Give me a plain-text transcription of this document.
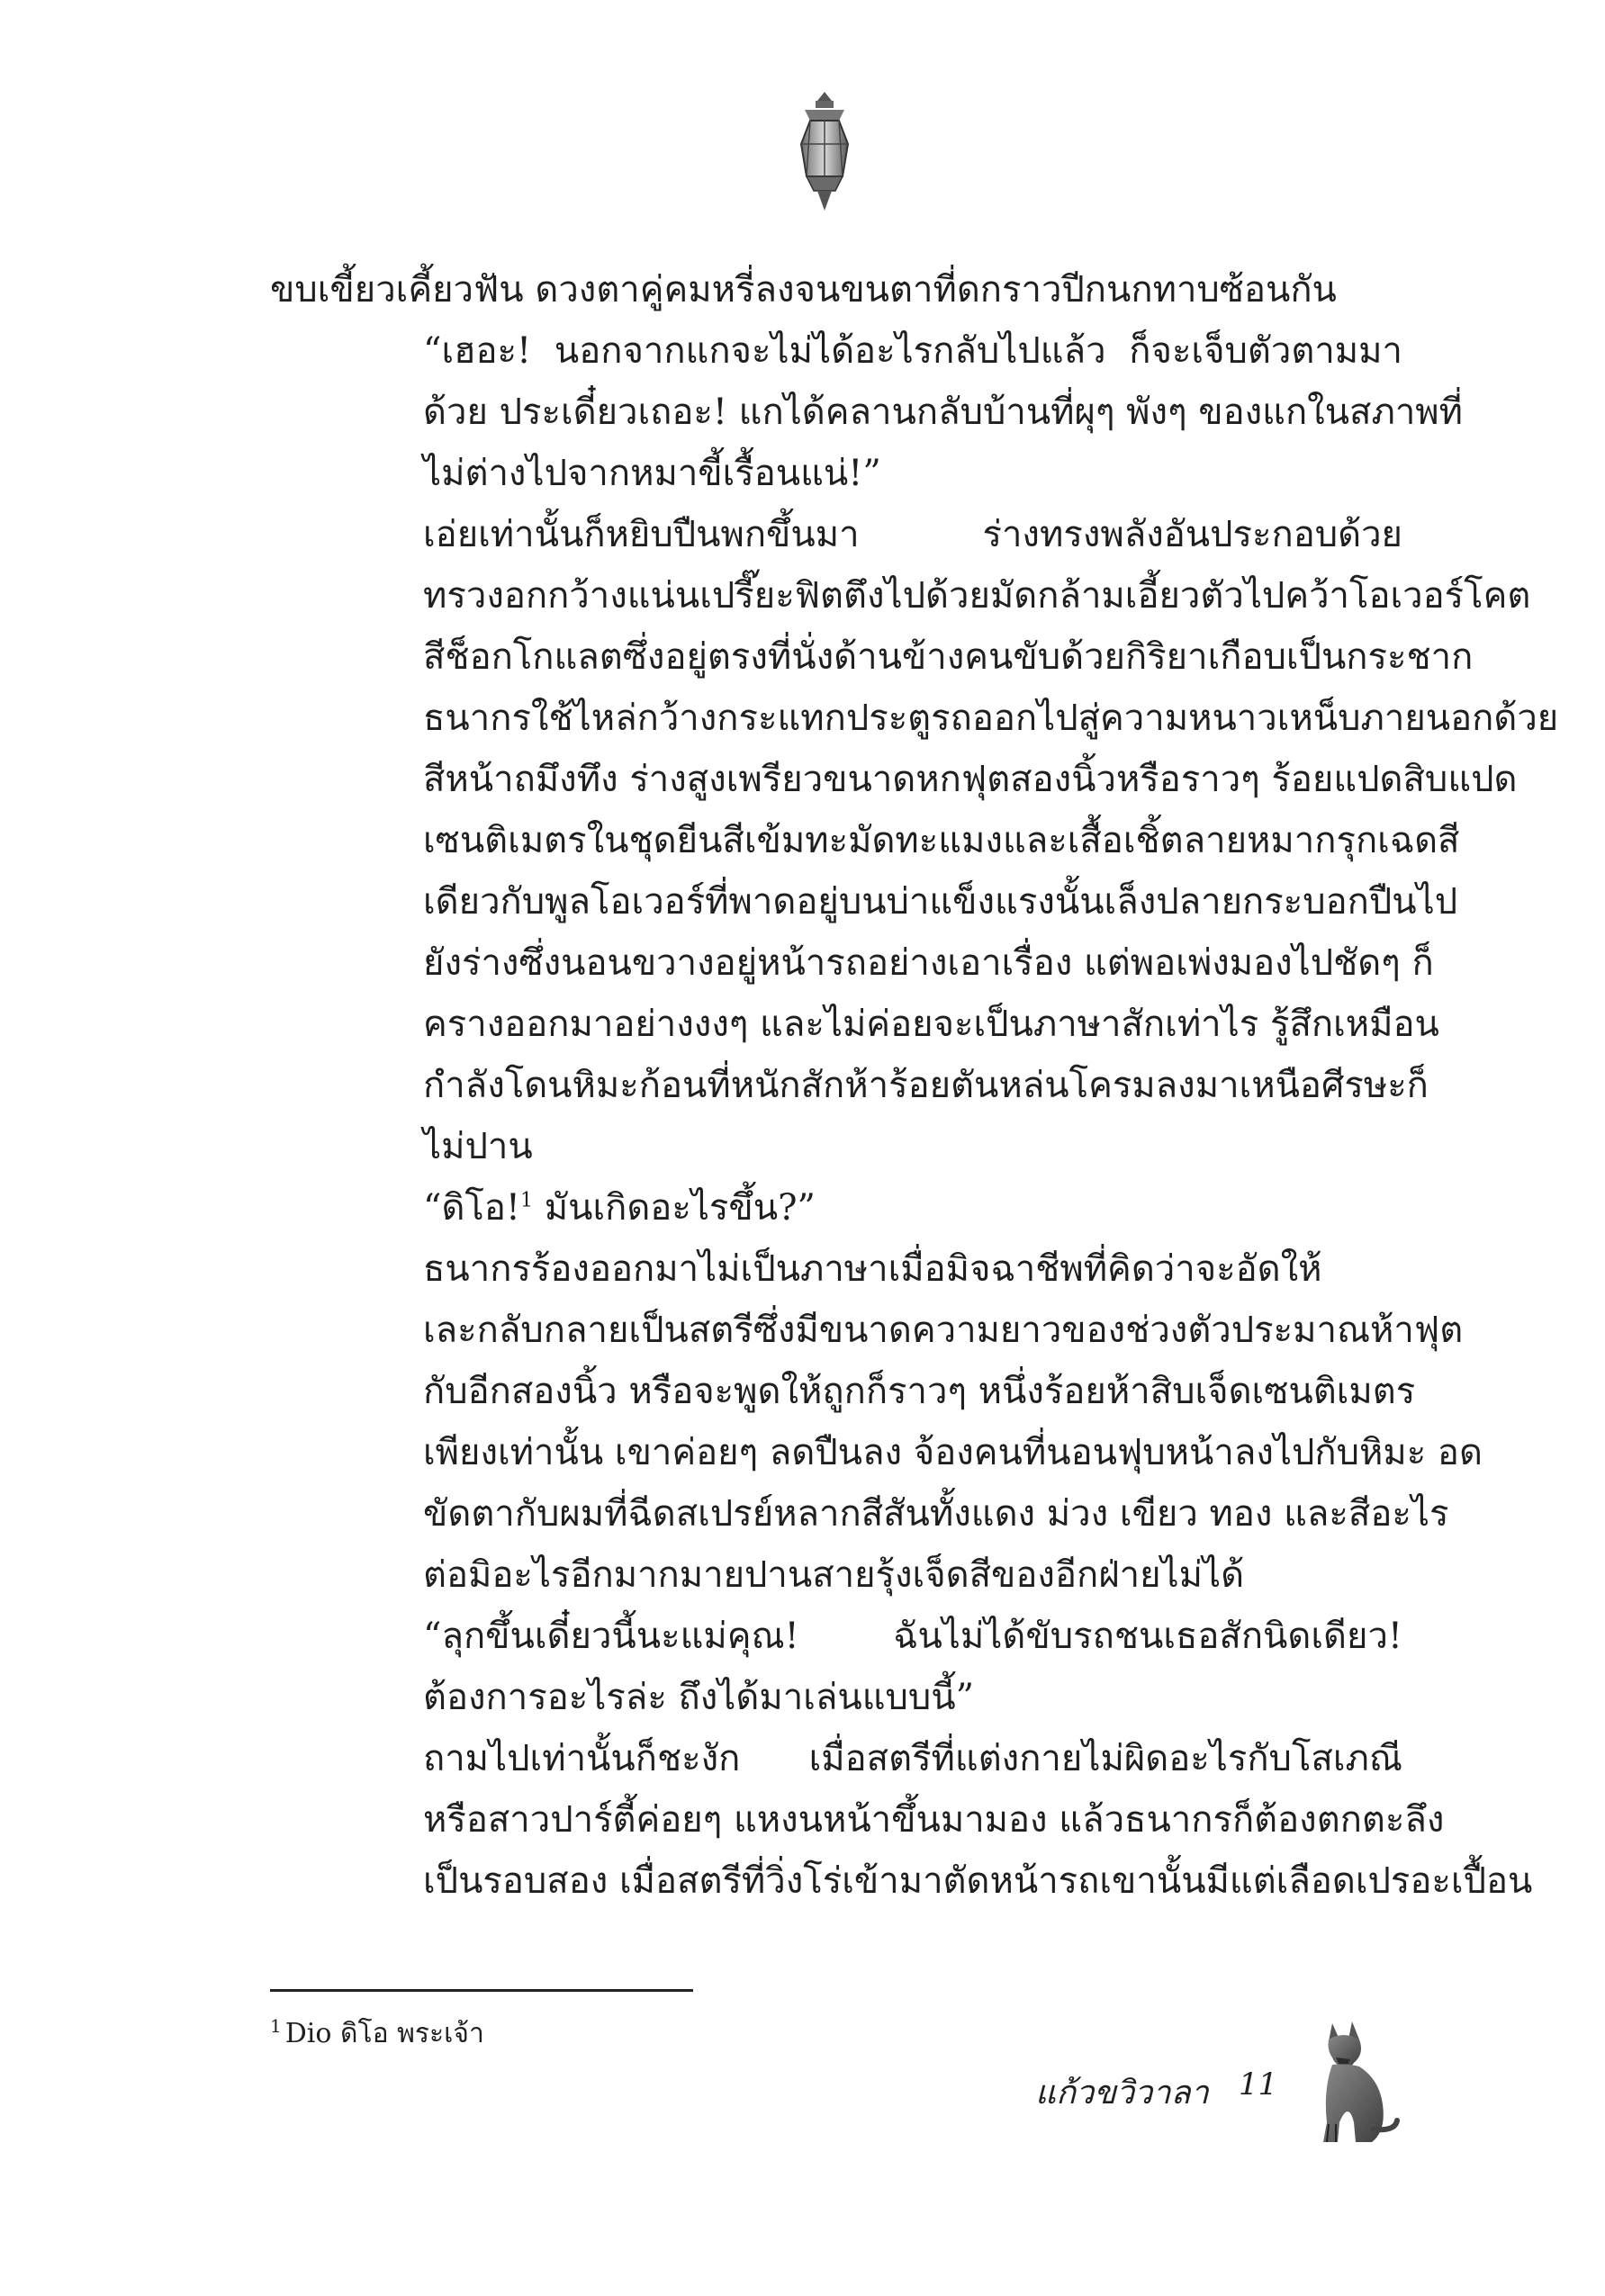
ขบเขี้ยวเคี้ยวฟัน ดวงตาคู่คมหรี่ลงจนขนตาที่ดกราวปีกนกทาบซ้อนกัน

“เฮอะ! นอกจากแกจะไม่ได้อะไรกลับไปแล้ว ก็จะเจ็บตัวตามมา
ด้วย ประเดี๋ยวเถอะ! แกได้คลานกลับบ้านที่ผุๆ พังๆ ของแกในสภาพที่
ไม่ต่างไปจากหมาขี้เรื้อนแน่!”

เอ่ยเท่านั้นก็หยิบปืนพกขึ้นมา ร่างทรงพลังอันประกอบด้วย
ทรวงอกกว้างแน่นเปรี๊ยะฟิตตึงไปด้วยมัดกล้ามเอี้ยวตัวไปคว้าโอเวอร์โคต
สีช็อกโกแลตซึ่งอยู่ตรงที่นั่งด้านข้างคนขับด้วยกิริยาเกือบเป็นกระชาก
ธนากรใช้ไหล่กว้างกระแทกประตูรถออกไปสู่ความหนาวเหน็บภายนอกด้วย
สีหน้าถมึงทึง ร่างสูงเพรียวขนาดหกฟุตสองนิ้วหรือราวๆ ร้อยแปดสิบแปด
เซนติเมตรในชุดยีนสีเข้มทะมัดทะแมงและเสื้อเชิ้ตลายหมากรุกเฉดสี
เดียวกับพูลโอเวอร์ที่พาดอยู่บนบ่าแข็งแรงนั้นเล็งปลายกระบอกปืนไป
ยังร่างซึ่งนอนขวางอยู่หน้ารถอย่างเอาเรื่อง แต่พอเพ่งมองไปชัดๆ ก็
ครางออกมาอย่างงงๆ และไม่ค่อยจะเป็นภาษาสักเท่าไร รู้สึกเหมือน
กำลังโดนหิมะก้อนที่หนักสักห้าร้อยตันหล่นโครมลงมาเหนือศีรษะก็
ไม่ปาน

“ดิโอ!$^1$ มันเกิดอะไรขึ้น?”

ธนากรร้องออกมาไม่เป็นภาษาเมื่อมิจฉาชีพที่คิดว่าจะอัดให้
เละกลับกลายเป็นสตรีซึ่งมีขนาดความยาวของช่วงตัวประมาณห้าฟุต
กับอีกสองนิ้ว หรือจะพูดให้ถูกก็ราวๆ หนึ่งร้อยห้าสิบเจ็ดเซนติเมตร
เพียงเท่านั้น เขาค่อยๆ ลดปืนลง จ้องคนที่นอนฟุบหน้าลงไปกับหิมะ อด
ขัดตากับผมที่ฉีดสเปรย์หลากสีสันทั้งแดง ม่วง เขียว ทอง และสีอะไร
ต่อมิอะไรอีกมากมายปานสายรุ้งเจ็ดสีของอีกฝ่ายไม่ได้

“ลุกขึ้นเดี๋ยวนี้นะแม่คุณ! ฉันไม่ได้ขับรถชนเธอสักนิดเดียว!
ต้องการอะไรล่ะ ถึงได้มาเล่นแบบนี้”

ถามไปเท่านั้นก็ชะงัก เมื่อสตรีที่แต่งกายไม่ผิดอะไรกับโสเภณี
หรือสาวปาร์ตี้ค่อยๆ แหงนหน้าขึ้นมามอง แล้วธนากรก็ต้องตกตะลึง
เป็นรอบสอง เมื่อสตรีที่วิ่งโร่เข้ามาตัดหน้ารถเขานั้นมีแต่เลือดเปรอะเปื้อน

$^1$ Dio ดิโอ พระเจ้า
แก้วขวิวาลา 11
